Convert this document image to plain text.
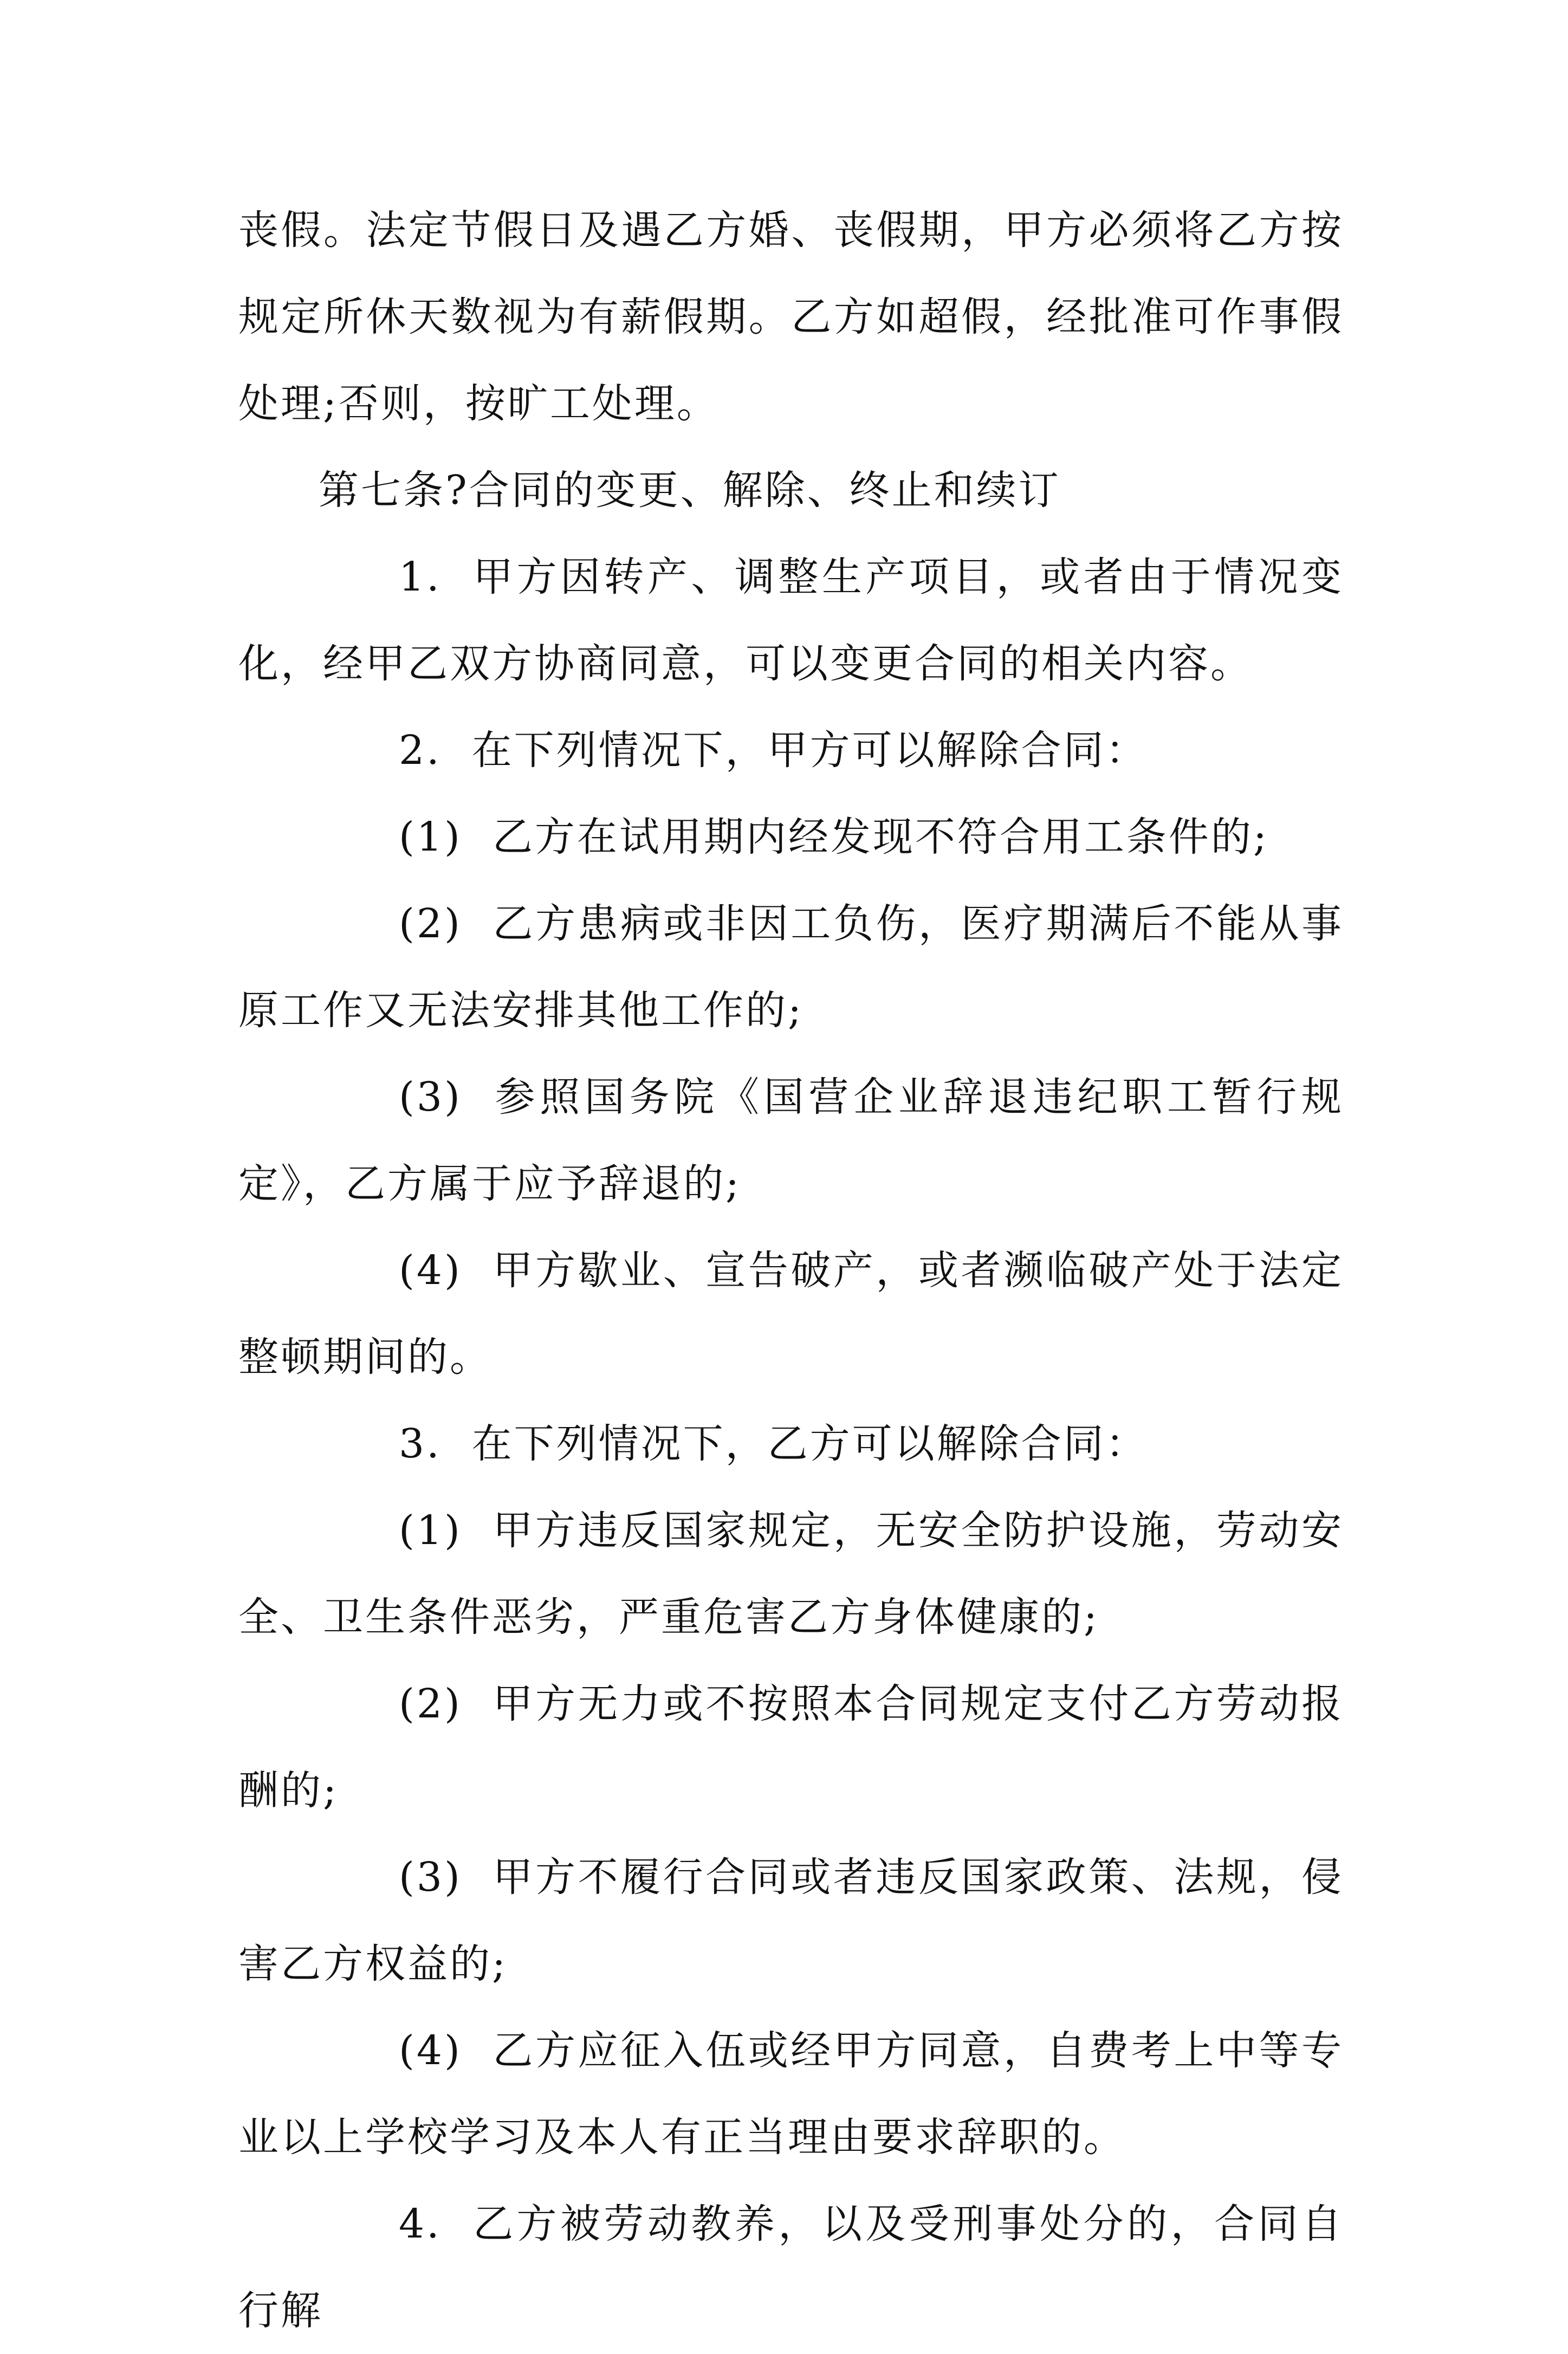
丧假。法定节假日及遇乙方婚、丧假期，甲方必须将乙方按规定所休天数视为有薪假期。乙方如超假，经批准可作事假处理;否则，按旷工处理。

第七条?合同的变更、解除、终止和续订

1. 甲方因转产、调整生产项目，或者由于情况变化，经甲乙双方协商同意，可以变更合同的相关内容。

2. 在下列情况下，甲方可以解除合同：

(1) 乙方在试用期内经发现不符合用工条件的;

(2) 乙方患病或非因工负伤，医疗期满后不能从事原工作又无法安排其他工作的;

(3) 参照国务院《国营企业辞退违纪职工暂行规定》，乙方属于应予辞退的;

(4) 甲方歇业、宣告破产，或者濒临破产处于法定整顿期间的。

3. 在下列情况下，乙方可以解除合同：

(1) 甲方违反国家规定，无安全防护设施，劳动安全、卫生条件恶劣，严重危害乙方身体健康的;

(2) 甲方无力或不按照本合同规定支付乙方劳动报酬的;

(3) 甲方不履行合同或者违反国家政策、法规，侵害乙方权益的;

(4) 乙方应征入伍或经甲方同意，自费考上中等专业以上学校学习及本人有正当理由要求辞职的。

4. 乙方被劳动教养，以及受刑事处分的，合同自行解
